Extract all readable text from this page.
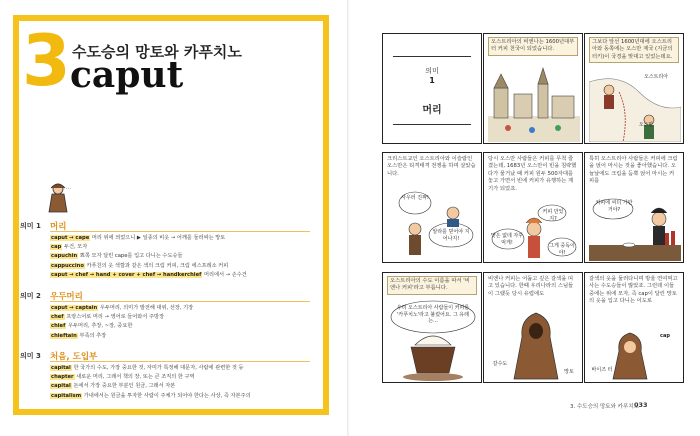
3 수도승의 망토와 카푸치노
caput
…
의미 1 머리
caput → cape 머리 위에 씌었으니 ▶ 일종의 비옷 → 어깨를 둘러싸는 망토
cap 두건, 모자
capuchin 뾰쪽 모자 달린 cape를 입고 다니는 수도승들
cappuccino 카푸친의 옷 색깔과 같은 색의 크림 커피, 크림 에스프레소 커피
caput → chef → hand + cover + chef → handkerchief 머리에서 → 손수건
의미 2 우두머리
caput → captain 우두머리, 의미가 발전해 대위, 선장, 기장
chef 프랑스어로 머리 → 영어로 들어와서 주방장
chief 우두머리, 추장, ~장, 중요한
chieftain 부족의 추장
의미 3 처음, 도입부
capital 한 국가의 수도, 가장 중요한 것, 자미가 특정해 대문자, 사람에 관련한 것 등
chapter 새로운 머리, 그래서 책의 장, 또는 큰 조직의 한 구역
capital 돈에서 가장 중요한 부분인 원금, 그래서 자본
capitalism 가내에서는 원금을 투자한 사람이 주체가 되어야 한다는 사상, 즉 자본주의
의미
1
머리
오스트리아의 비엔나는 1600년대부터 커피 천국이 되었습니다.
그보다 앞선 1600년대에 오스트리아와 동쪽에는 오스만 제국 (지금의 터키)이 국경을 맞대고 있었는데요.
오스트리아
오스만
크리스트교인 오스트리아와 이슬람인 오스만은 티격태격 전쟁을 하며 살았습니다.
사우러 진짜!
알라를 믿어야 지어나지!
당시 오스만 사람들은 커피를 무척 즐겼는데, 1683년 오스만이 빈을 침략했다가 물거났 때 커피 원두 500자대를 놓고 가면서 빈에 커피가 유행하는 계기가 되었죠.
커피 만있지?
맛은 없데 자꾸 먹게!
그게 중독이야!
특히 오스트리아 사람들은 커피에 크림을 얹어 마시는 것을 좋아했습니다. 오늘날에도 크림을 듬뿍 얹어 마시는 커피를
커피에 씨더 가만 거야?
오스트리아의 수도 이름을 따서 '비엔나 커피'라고 부릅니다.
우리 오스트리아 사람들이 커피를 '카푸치노'라고 불렀어요. 그 유래는...
비엔나 커피는 어둡고 깊은 갈색을 띠고 있습니다. 한때 우리나라의 스님들이 그랬듯 당시 유럽에도
갈수도
망토
갈색의 옷을 둘러다니며 방울 연여먹고 사는 수도승들이 많았죠. 그런데 이들 중에는 위에 모자, 즉 cap이 달린 망토의 옷을 입고 다니는 이도로
cap
바이즈 터
3. 수도승의 망토와 카푸치노
033
